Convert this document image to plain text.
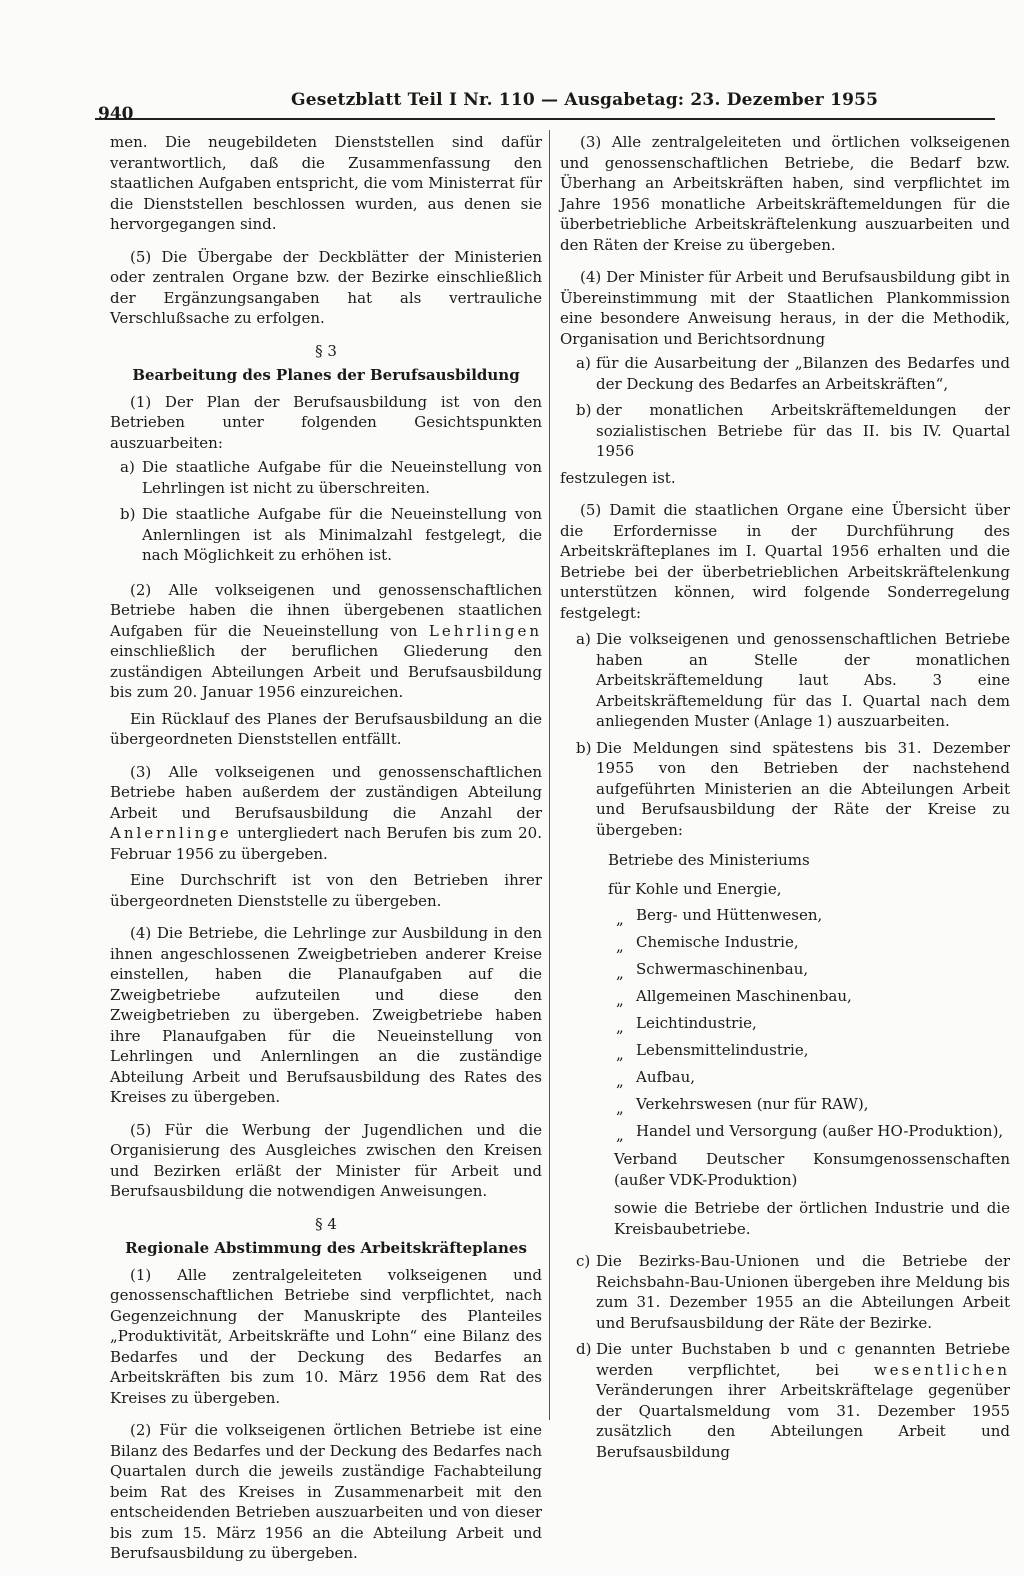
940
Gesetzblatt Teil I Nr. 110 — Ausgabetag: 23. Dezember 1955

men. Die neugebildeten Dienststellen sind dafür verantwortlich, daß die Zusammenfassung den staatlichen Aufgaben entspricht, die vom Ministerrat für die Dienststellen beschlossen wurden, aus denen sie hervorgegangen sind.

(5) Die Übergabe der Deckblätter der Ministerien oder zentralen Organe bzw. der Bezirke einschließlich der Ergänzungsangaben hat als vertrauliche Verschlußsache zu erfolgen.

§ 3
Bearbeitung des Planes der Berufsausbildung

(1) Der Plan der Berufsausbildung ist von den Betrieben unter folgenden Gesichtspunkten auszuarbeiten:

a) Die staatliche Aufgabe für die Neueinstellung von Lehrlingen ist nicht zu überschreiten.
b) Die staatliche Aufgabe für die Neueinstellung von Anlernlingen ist als Minimalzahl festgelegt, die nach Möglichkeit zu erhöhen ist.

(2) Alle volkseigenen und genossenschaftlichen Betriebe haben die ihnen übergebenen staatlichen Aufgaben für die Neueinstellung von Lehrlingen einschließlich der beruflichen Gliederung den zuständigen Abteilungen Arbeit und Berufsausbildung bis zum 20. Januar 1956 einzureichen.

Ein Rücklauf des Planes der Berufsausbildung an die übergeordneten Dienststellen entfällt.

(3) Alle volkseigenen und genossenschaftlichen Betriebe haben außerdem der zuständigen Abteilung Arbeit und Berufsausbildung die Anzahl der Anlernlinge untergliedert nach Berufen bis zum 20. Februar 1956 zu übergeben.

Eine Durchschrift ist von den Betrieben ihrer übergeordneten Dienststelle zu übergeben.

(4) Die Betriebe, die Lehrlinge zur Ausbildung in den ihnen angeschlossenen Zweigbetrieben anderer Kreise einstellen, haben die Planaufgaben auf die Zweigbetriebe aufzuteilen und diese den Zweigbetrieben zu übergeben. Zweigbetriebe haben ihre Planaufgaben für die Neueinstellung von Lehrlingen und Anlernlingen an die zuständige Abteilung Arbeit und Berufsausbildung des Rates des Kreises zu übergeben.

(5) Für die Werbung der Jugendlichen und die Organisierung des Ausgleiches zwischen den Kreisen und Bezirken erläßt der Minister für Arbeit und Berufsausbildung die notwendigen Anweisungen.

§ 4
Regionale Abstimmung des Arbeitskräfteplanes

(1) Alle zentralgeleiteten volkseigenen und genossenschaftlichen Betriebe sind verpflichtet, nach Gegenzeichnung der Manuskripte des Planteiles „Produktivität, Arbeitskräfte und Lohn“ eine Bilanz des Bedarfes und der Deckung des Bedarfes an Arbeitskräften bis zum 10. März 1956 dem Rat des Kreises zu übergeben.

(2) Für die volkseigenen örtlichen Betriebe ist eine Bilanz des Bedarfes und der Deckung des Bedarfes nach Quartalen durch die jeweils zuständige Fachabteilung beim Rat des Kreises in Zusammenarbeit mit den entscheidenden Betrieben auszuarbeiten und von dieser bis zum 15. März 1956 an die Abteilung Arbeit und Berufsausbildung zu übergeben.

(3) Alle zentralgeleiteten und örtlichen volkseigenen und genossenschaftlichen Betriebe, die Bedarf bzw. Überhang an Arbeitskräften haben, sind verpflichtet im Jahre 1956 monatliche Arbeitskräftemeldungen für die überbetriebliche Arbeitskräftelenkung auszuarbeiten und den Räten der Kreise zu übergeben.

(4) Der Minister für Arbeit und Berufsausbildung gibt in Übereinstimmung mit der Staatlichen Plankommission eine besondere Anweisung heraus, in der die Methodik, Organisation und Berichtsordnung

a) für die Ausarbeitung der „Bilanzen des Bedarfes und der Deckung des Bedarfes an Arbeitskräften“,
b) der monatlichen Arbeitskräftemeldungen der sozialistischen Betriebe für das II. bis IV. Quartal 1956

festzulegen ist.

(5) Damit die staatlichen Organe eine Übersicht über die Erfordernisse in der Durchführung des Arbeitskräfteplanes im I. Quartal 1956 erhalten und die Betriebe bei der überbetrieblichen Arbeitskräftelenkung unterstützen können, wird folgende Sonderregelung festgelegt:

a) Die volkseigenen und genossenschaftlichen Betriebe haben an Stelle der monatlichen Arbeitskräftemeldung laut Abs. 3 eine Arbeitskräftemeldung für das I. Quartal nach dem anliegenden Muster (Anlage 1) auszuarbeiten.
b) Die Meldungen sind spätestens bis 31. Dezember 1955 von den Betrieben der nachstehend aufgeführten Ministerien an die Abteilungen Arbeit und Berufsausbildung der Räte der Kreise zu übergeben:
Betriebe des Ministeriums
für Kohle und Energie,
„ Berg- und Hüttenwesen,
„ Chemische Industrie,
„ Schwermaschinenbau,
„ Allgemeinen Maschinenbau,
„ Leichtindustrie,
„ Lebensmittelindustrie,
„ Aufbau,
„ Verkehrswesen (nur für RAW),
„ Handel und Versorgung (außer HO-Produktion),
Verband Deutscher Konsumgenossenschaften (außer VDK-Produktion)

sowie die Betriebe der örtlichen Industrie und die Kreisbaubetriebe.

c) Die Bezirks-Bau-Unionen und die Betriebe der Reichsbahn-Bau-Unionen übergeben ihre Meldung bis zum 31. Dezember 1955 an die Abteilungen Arbeit und Berufsausbildung der Räte der Bezirke.
d) Die unter Buchstaben b und c genannten Betriebe werden verpflichtet, bei wesentlichen Veränderungen ihrer Arbeitskräftelage gegenüber der Quartalsmeldung vom 31. Dezember 1955 zusätzlich den Abteilungen Arbeit und Berufsausbildung
